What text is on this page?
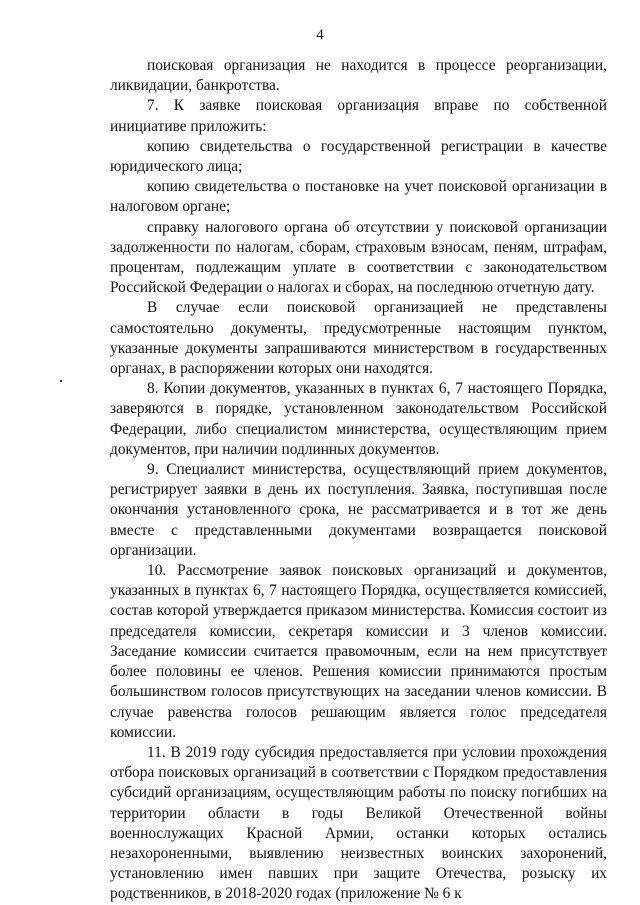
4

поисковая организация не находится в процессе реорганизации, ликвидации, банкротства.

7. К заявке поисковая организация вправе по собственной инициативе приложить:

копию свидетельства о государственной регистрации в качестве юридического лица;

копию свидетельства о постановке на учет поисковой организации в налоговом органе;

справку налогового органа об отсутствии у поисковой организации задолженности по налогам, сборам, страховым взносам, пеням, штрафам, процентам, подлежащим уплате в соответствии с законодательством Российской Федерации о налогах и сборах, на последнюю отчетную дату.

В случае если поисковой организацией не представлены самостоятельно документы, предусмотренные настоящим пунктом, указанные документы запрашиваются министерством в государственных органах, в распоряжении которых они находятся.

8. Копии документов, указанных в пунктах 6, 7 настоящего Порядка, заверяются в порядке, установленном законодательством Российской Федерации, либо специалистом министерства, осуществляющим прием документов, при наличии подлинных документов.

9. Специалист министерства, осуществляющий прием документов, регистрирует заявки в день их поступления. Заявка, поступившая после окончания установленного срока, не рассматривается и в тот же день вместе с представленными документами возвращается поисковой организации.

10. Рассмотрение заявок поисковых организаций и документов, указанных в пунктах 6, 7 настоящего Порядка, осуществляется комиссией, состав которой утверждается приказом министерства. Комиссия состоит из председателя комиссии, секретаря комиссии и 3 членов комиссии. Заседание комиссии считается правомочным, если на нем присутствует более половины ее членов. Решения комиссии принимаются простым большинством голосов присутствующих на заседании членов комиссии. В случае равенства голосов решающим является голос председателя комиссии.

11. В 2019 году субсидия предоставляется при условии прохождения отбора поисковых организаций в соответствии с Порядком предоставления субсидий организациям, осуществляющим работы по поиску погибших на территории области в годы Великой Отечественной войны военнослужащих Красной Армии, останки которых остались незахороненными, выявлению неизвестных воинских захоронений, установлению имен павших при защите Отечества, розыску их родственников, в 2018-2020 годах (приложение № 6 к
